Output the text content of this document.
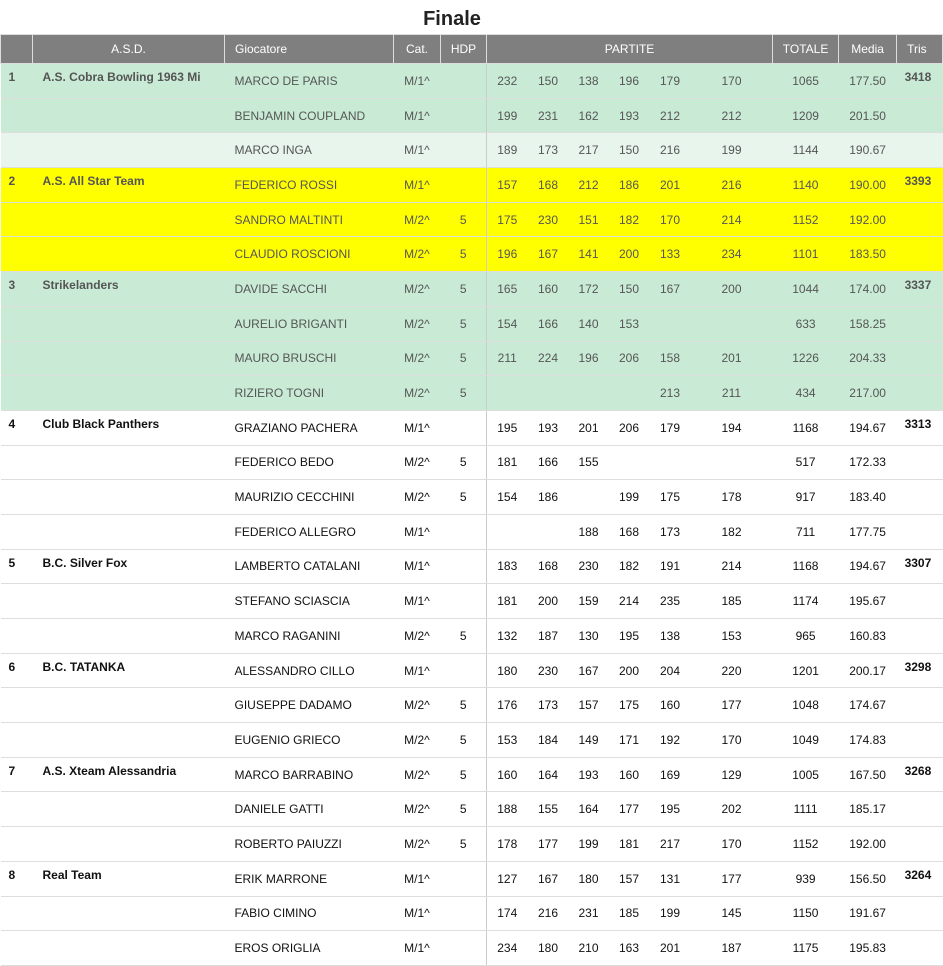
Finale
	A.S.D.	Giocatore	Cat.	HDP	PARTITE						TOTALE	Media	Tris
1	A.S. Cobra Bowling 1963 Mi	MARCO DE PARIS	M/1^		232	150	138	196	179	170		1065	177.50	3418
		BENJAMIN COUPLAND	M/1^		199	231	162	193	212	212		1209	201.50	
		MARCO INGA	M/1^		189	173	217	150	216	199		1144	190.67	
2	A.S. All Star Team	FEDERICO ROSSI	M/1^		157	168	212	186	201	216		1140	190.00	3393
		SANDRO MALTINTI	M/2^	5	175	230	151	182	170	214		1152	192.00	
		CLAUDIO ROSCIONI	M/2^	5	196	167	141	200	133	234		1101	183.50	
3	Strikelanders	DAVIDE SACCHI	M/2^	5	165	160	172	150	167	200		1044	174.00	3337
		AURELIO BRIGANTI	M/2^	5	154	166	140	153				633	158.25	
		MAURO BRUSCHI	M/2^	5	211	224	196	206	158	201		1226	204.33	
		RIZIERO TOGNI	M/2^	5					213	211		434	217.00	
4	Club Black Panthers	GRAZIANO PACHERA	M/1^		195	193	201	206	179	194		1168	194.67	3313
		FEDERICO BEDO	M/2^	5	181	166	155					517	172.33	
		MAURIZIO CECCHINI	M/2^	5	154	186		199	175	178		917	183.40	
		FEDERICO ALLEGRO	M/1^				188	168	173	182		711	177.75	
5	B.C. Silver Fox	LAMBERTO CATALANI	M/1^		183	168	230	182	191	214		1168	194.67	3307
		STEFANO SCIASCIA	M/1^		181	200	159	214	235	185		1174	195.67	
		MARCO RAGANINI	M/2^	5	132	187	130	195	138	153		965	160.83	
6	B.C. TATANKA	ALESSANDRO CILLO	M/1^		180	230	167	200	204	220		1201	200.17	3298
		GIUSEPPE DADAMO	M/2^	5	176	173	157	175	160	177		1048	174.67	
		EUGENIO GRIECO	M/2^	5	153	184	149	171	192	170		1049	174.83	
7	A.S. Xteam Alessandria	MARCO BARRABINO	M/2^	5	160	164	193	160	169	129		1005	167.50	3268
		DANIELE GATTI	M/2^	5	188	155	164	177	195	202		1111	185.17	
		ROBERTO PAIUZZI	M/2^	5	178	177	199	181	217	170		1152	192.00	
8	Real Team	ERIK MARRONE	M/1^		127	167	180	157	131	177		939	156.50	3264
		FABIO CIMINO	M/1^		174	216	231	185	199	145		1150	191.67	
		EROS ORIGLIA	M/1^		234	180	210	163	201	187		1175	195.83	
